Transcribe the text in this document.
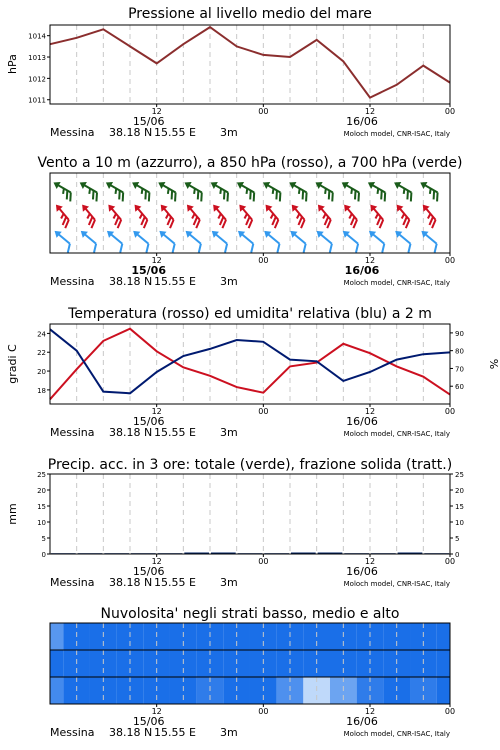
Pressione al livello medio del mare
hPa
1011
1012
1013
1014
12	00	12	00
15/06	16/06
Messina 38.18 N 15.55 E 3m	Moloch model, CNR-ISAC, Italy
Vento a 10 m (azzurro), a 850 hPa (rosso), a 700 hPa (verde)
12	00	12	00
15/06	16/06
Messina 38.18 N 15.55 E 3m	Moloch model, CNR-ISAC, Italy
Temperatura (rosso) ed umidita' relativa (blu) a 2 m
gradi C	%
18
20
22
24
60
70
80
90
12	00	12	00
15/06	16/06
Messina 38.18 N 15.55 E 3m	Moloch model, CNR-ISAC, Italy
Precip. acc. in 3 ore: totale (verde), frazione solida (tratt.)
mm
0
5
10
15
20
25
0
5
10
15
20
25
12	00	12	00
15/06	16/06
Messina 38.18 N 15.55 E 3m	Moloch model, CNR-ISAC, Italy
Nuvolosita' negli strati basso, medio e alto
12	00	12	00
15/06	16/06
Messina 38.18 N 15.55 E 3m	Moloch model, CNR-ISAC, Italy
